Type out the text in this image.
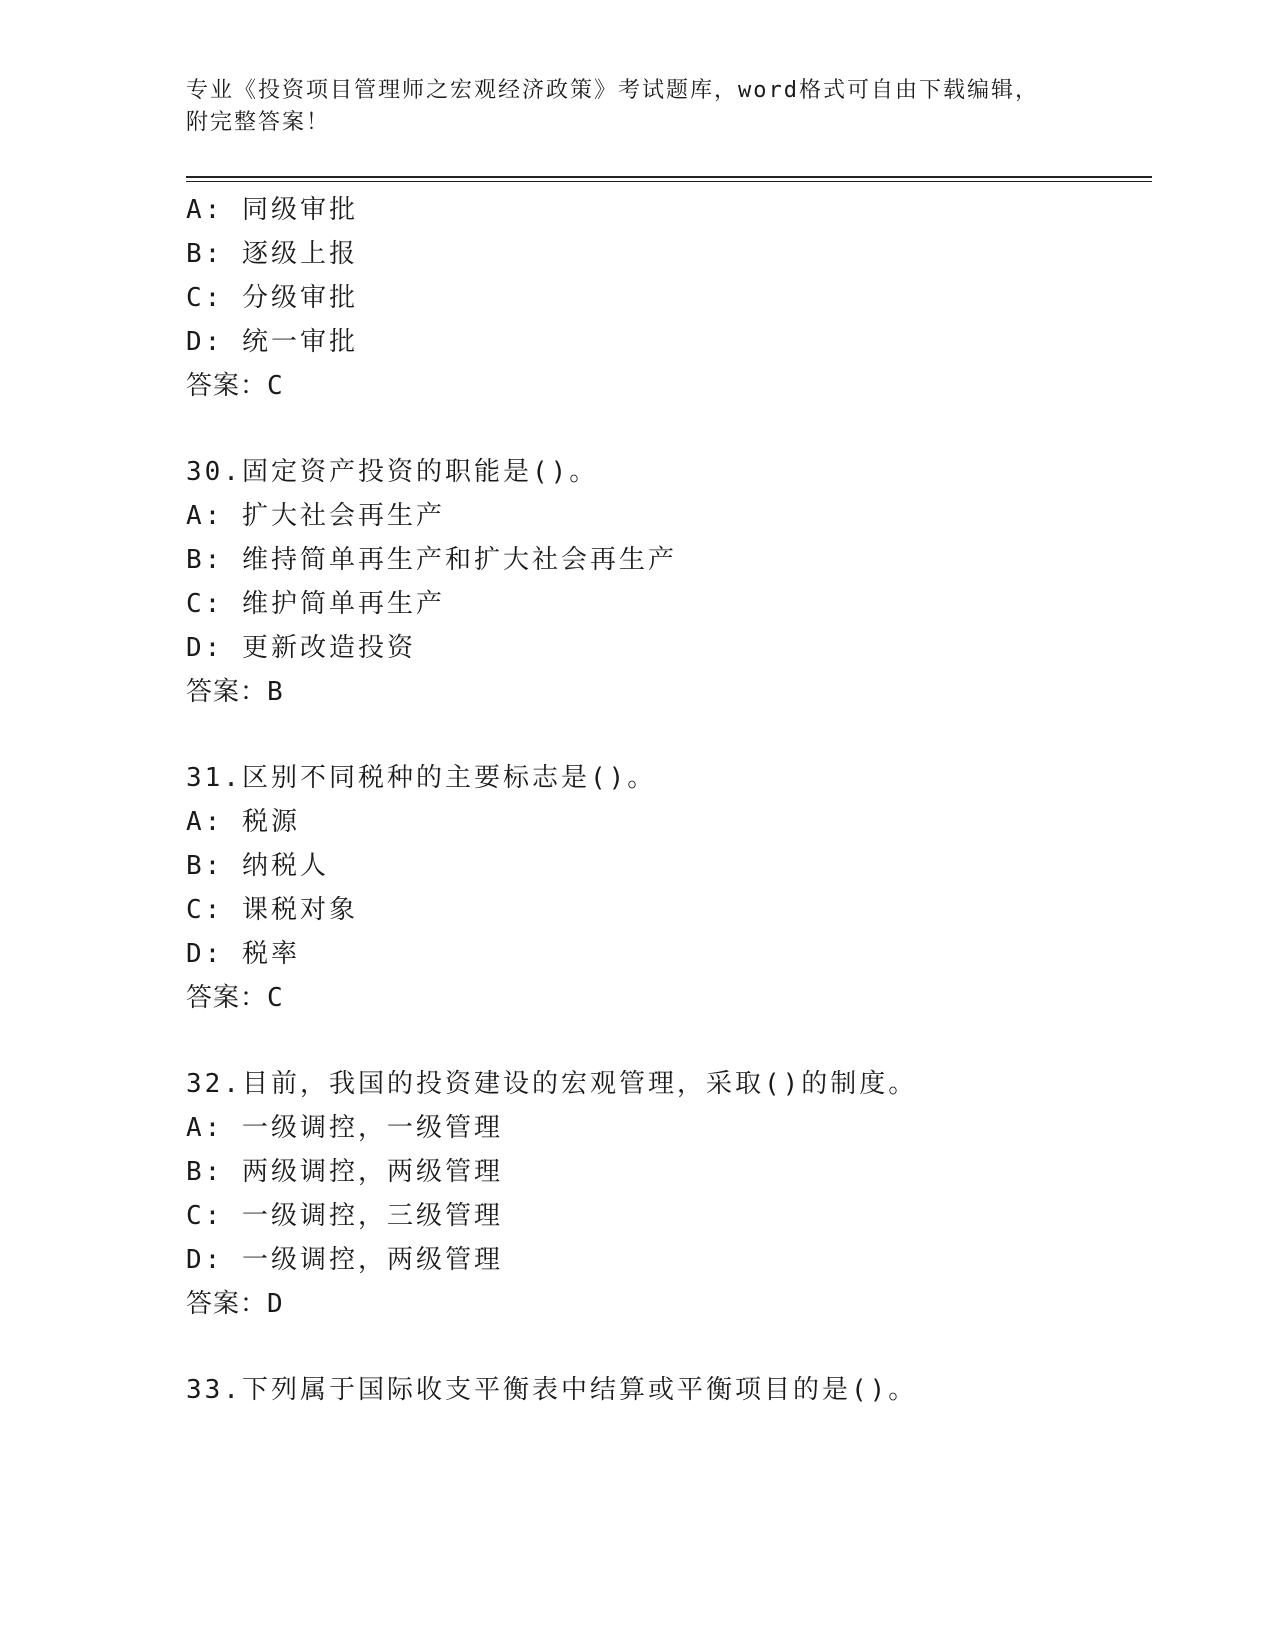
专业《投资项目管理师之宏观经济政策》考试题库，word格式可自由下载编辑，
附完整答案！
A: 同级审批
B: 逐级上报
C: 分级审批
D: 统一审批
答案：C
30.固定资产投资的职能是()。
A: 扩大社会再生产
B: 维持简单再生产和扩大社会再生产
C: 维护简单再生产
D: 更新改造投资
答案：B
31.区别不同税种的主要标志是()。
A: 税源
B: 纳税人
C: 课税对象
D: 税率
答案：C
32.目前，我国的投资建设的宏观管理，采取()的制度。
A: 一级调控，一级管理
B: 两级调控，两级管理
C: 一级调控，三级管理
D: 一级调控，两级管理
答案：D
33.下列属于国际收支平衡表中结算或平衡项目的是()。
